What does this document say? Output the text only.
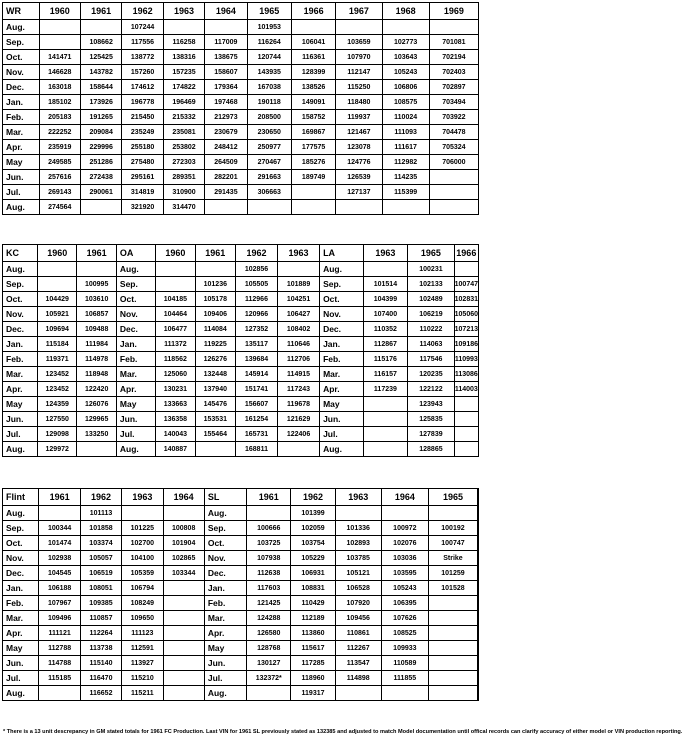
WR	1960	1961	1962	1963	1964	1965	1966	1967	1968	1969
Aug.			107244			101953				
Sep.		108662	117556	116258	117009	116264	106041	103659	102773	701081
Oct.	141471	125425	138772	138316	138675	120744	116361	107970	103643	702194
Nov.	146628	143782	157260	157235	158607	143935	128399	112147	105243	702403
Dec.	163018	158644	174612	174822	179364	167038	138526	115250	106806	702897
Jan.	185102	173926	196778	196469	197468	190118	149091	118480	108575	703494
Feb.	205183	191265	215450	215332	212973	208500	158752	119937	110024	703922
Mar.	222252	209084	235249	235081	230679	230650	169867	121467	111093	704478
Apr.	235919	229996	255180	253802	248412	250977	177575	123078	111617	705324
May	249585	251286	275480	272303	264509	270467	185276	124776	112982	706000
Jun.	257616	272438	295161	289351	282201	291663	189749	126539	114235	
Jul.	269143	290061	314819	310900	291435	306663		127137	115399	
Aug.	274564		321920	314470						
KC	1960	1961	OA	1960	1961	1962	1963	LA	1963	1965	1966
Aug.			Aug.			102856		Aug.		100231	
Sep.		100995	Sep.		101236	105505	101889	Sep.	101514	102133	100747
Oct.	104429	103610	Oct.	104185	105178	112966	104251	Oct.	104399	102489	102831
Nov.	105921	106857	Nov.	104464	109406	120966	106427	Nov.	107400	106219	105060
Dec.	109694	109488	Dec.	106477	114084	127352	108402	Dec.	110352	110222	107213
Jan.	115184	111984	Jan.	111372	119225	135117	110646	Jan.	112867	114063	109186
Feb.	119371	114978	Feb.	118562	126276	139684	112706	Feb.	115176	117546	110993
Mar.	123452	118948	Mar.	125060	132448	145914	114915	Mar.	116157	120235	113086
Apr.	123452	122420	Apr.	130231	137940	151741	117243	Apr.	117239	122122	114003
May	124359	126076	May	133663	145476	156607	119678	May		123943	
Jun.	127550	129965	Jun.	136358	153531	161254	121629	Jun.		125835	
Jul.	129098	133250	Jul.	140043	155464	165731	122406	Jul.		127839	
Aug.	129972		Aug.	140887		168811		Aug.		128865	
Flint	1961	1962	1963	1964	SL	1961	1962	1963	1964	1965	
Aug.		101113			Aug.		101399				
Sep.	100344	101858	101225	100808	Sep.	100666	102059	101336	100972	100192	
Oct.	101474	103374	102700	101904	Oct.	103725	103754	102893	102076	100747	
Nov.	102938	105057	104100	102865	Nov.	107938	105229	103785	103036	Strike	
Dec.	104545	106519	105359	103344	Dec.	112638	106931	105121	103595	101259	
Jan.	106188	108051	106794		Jan.	117603	108831	106528	105243	101528	
Feb.	107967	109385	108249		Feb.	121425	110429	107920	106395		
Mar.	109496	110857	109650		Mar.	124288	112189	109456	107626		
Apr.	111121	112264	111123		Apr.	126580	113860	110861	108525		
May	112788	113738	112591		May	128768	115617	112267	109933		
Jun.	114788	115140	113927		Jun.	130127	117285	113547	110589		
Jul.	115185	116470	115210		Jul.	132372*	118960	114898	111855		
Aug.		116652	115211		Aug.		119317				
* There is a 13 unit descrepancy in GM stated totals for 1961 FC Production. Last VIN for 1961 SL previously stated as 132385 and adjusted to match Model documentation until offical records can clarify accuracy of either model or VIN production reporting.
